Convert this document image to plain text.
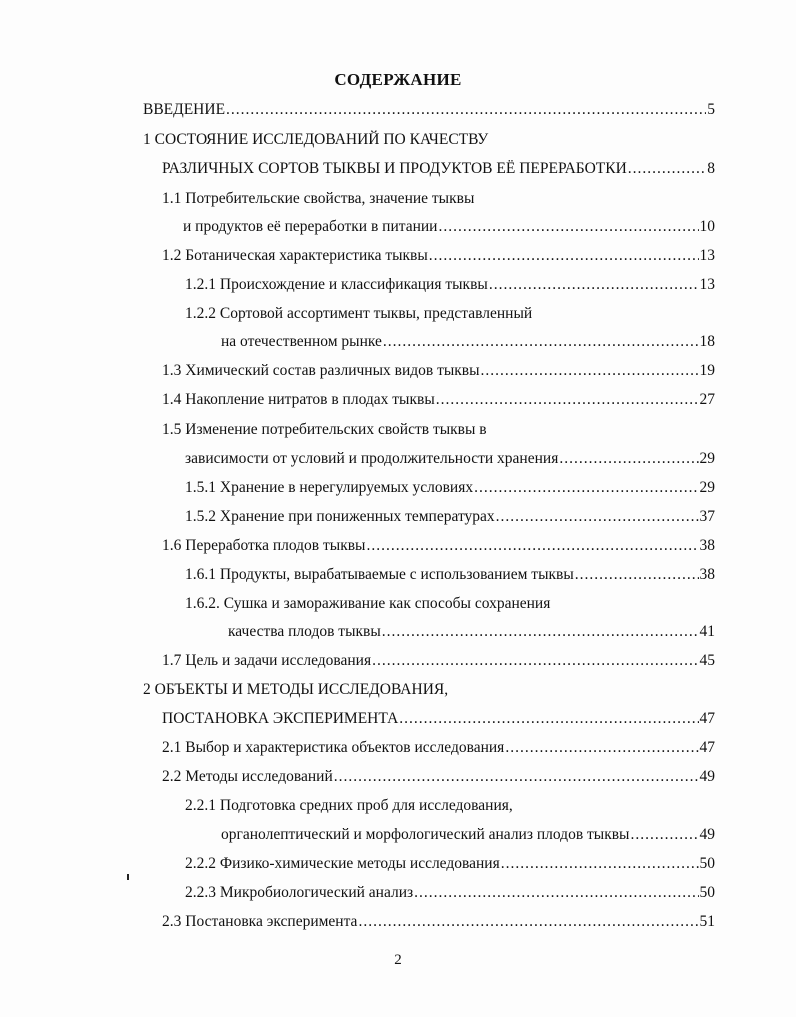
СОДЕРЖАНИЕ
ВВЕДЕНИЕ .....	5
1 СОСТОЯНИЕ ИССЛЕДОВАНИЙ ПО КАЧЕСТВУ
РАЗЛИЧНЫХ СОРТОВ ТЫКВЫ И ПРОДУКТОВ ЕЁ ПЕРЕРАБОТКИ .....	8
1.1 Потребительские свойства, значение тыквы
и продуктов её переработки в питании .....	10
1.2 Ботаническая характеристика тыквы .....	13
1.2.1 Происхождение и классификация тыквы .....	13
1.2.2 Сортовой ассортимент тыквы, представленный
на отечественном рынке .....	18
1.3 Химический состав различных видов тыквы .....	19
1.4 Накопление нитратов в плодах тыквы .....	27
1.5 Изменение потребительских свойств тыквы в
зависимости от условий и продолжительности хранения .....	29
1.5.1 Хранение в нерегулируемых условиях .....	29
1.5.2 Хранение при пониженных температурах .....	37
1.6 Переработка плодов тыквы .....	38
1.6.1 Продукты, вырабатываемые с использованием тыквы .....	38
1.6.2. Сушка и замораживание как способы сохранения
качества плодов тыквы .....	41
1.7 Цель и задачи исследования .....	45
2 ОБЪЕКТЫ И МЕТОДЫ ИССЛЕДОВАНИЯ,
ПОСТАНОВКА ЭКСПЕРИМЕНТА .....	47
2.1 Выбор и характеристика объектов исследования .....	47
2.2 Методы исследований .....	49
2.2.1 Подготовка средних проб для исследования,
органолептический и морфологический анализ плодов тыквы .....	49
2.2.2 Физико-химические методы исследования .....	50
2.2.3 Микробиологический анализ .....	50
2.3 Постановка эксперимента .....	51
2
